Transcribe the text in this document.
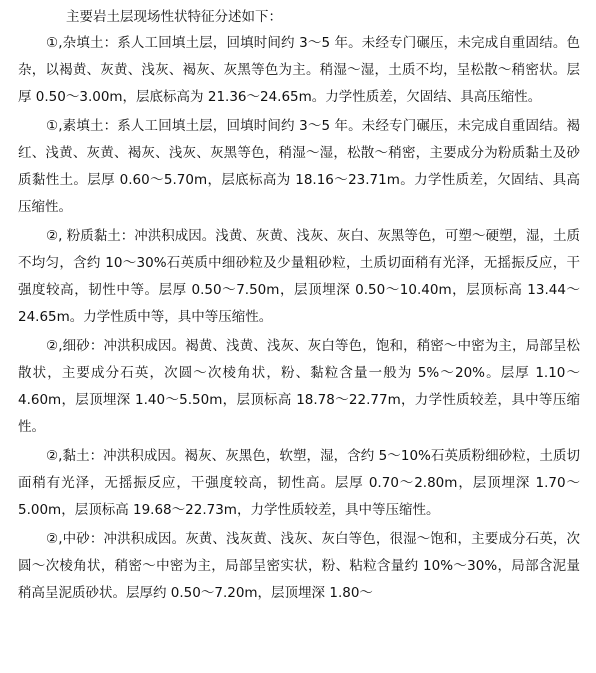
主要岩土层现场性状特征分述如下：

①,杂填土：系人工回填土层，回填时间约 3～5 年。未经专门碾压，未完成自重固结。色杂，以褐黄、灰黄、浅灰、褐灰、灰黑等色为主。稍湿～湿，土质不均，呈松散～稍密状。层厚 0.50～3.00m，层底标高为 21.36～24.65m。力学性质差，欠固结、具高压缩性。

①,素填土：系人工回填土层，回填时间约 3～5 年。未经专门碾压，未完成自重固结。褐红、浅黄、灰黄、褐灰、浅灰、灰黑等色，稍湿～湿，松散～稍密，主要成分为粉质黏土及砂质黏性土。层厚 0.60～5.70m，层底标高为 18.16～23.71m。力学性质差，欠固结、具高压缩性。

②, 粉质黏土：冲洪积成因。浅黄、灰黄、浅灰、灰白、灰黑等色，可塑～硬塑，湿，土质不均匀，含约 10～30%石英质中细砂粒及少量粗砂粒，土质切面稍有光泽，无摇振反应，干强度较高，韧性中等。层厚 0.50～7.50m，层顶埋深 0.50～10.40m，层顶标高 13.44～24.65m。力学性质中等，具中等压缩性。

②,细砂：冲洪积成因。褐黄、浅黄、浅灰、灰白等色，饱和，稍密～中密为主，局部呈松散状，主要成分石英，次圆～次棱角状，粉、黏粒含量一般为 5%～20%。层厚 1.10～4.60m，层顶埋深 1.40～5.50m，层顶标高 18.78～22.77m，力学性质较差，具中等压缩性。

②,黏土：冲洪积成因。褐灰、灰黑色，软塑，湿，含约 5～10%石英质粉细砂粒，土质切面稍有光泽，无摇振反应，干强度较高，韧性高。层厚 0.70～2.80m，层顶埋深 1.70～5.00m，层顶标高 19.68～22.73m，力学性质较差，具中等压缩性。

②,中砂：冲洪积成因。灰黄、浅灰黄、浅灰、灰白等色，很湿～饱和，主要成分石英，次圆～次棱角状，稍密～中密为主，局部呈密实状，粉、粘粒含量约 10%～30%，局部含泥量稍高呈泥质砂状。层厚约 0.50～7.20m，层顶埋深 1.80～
